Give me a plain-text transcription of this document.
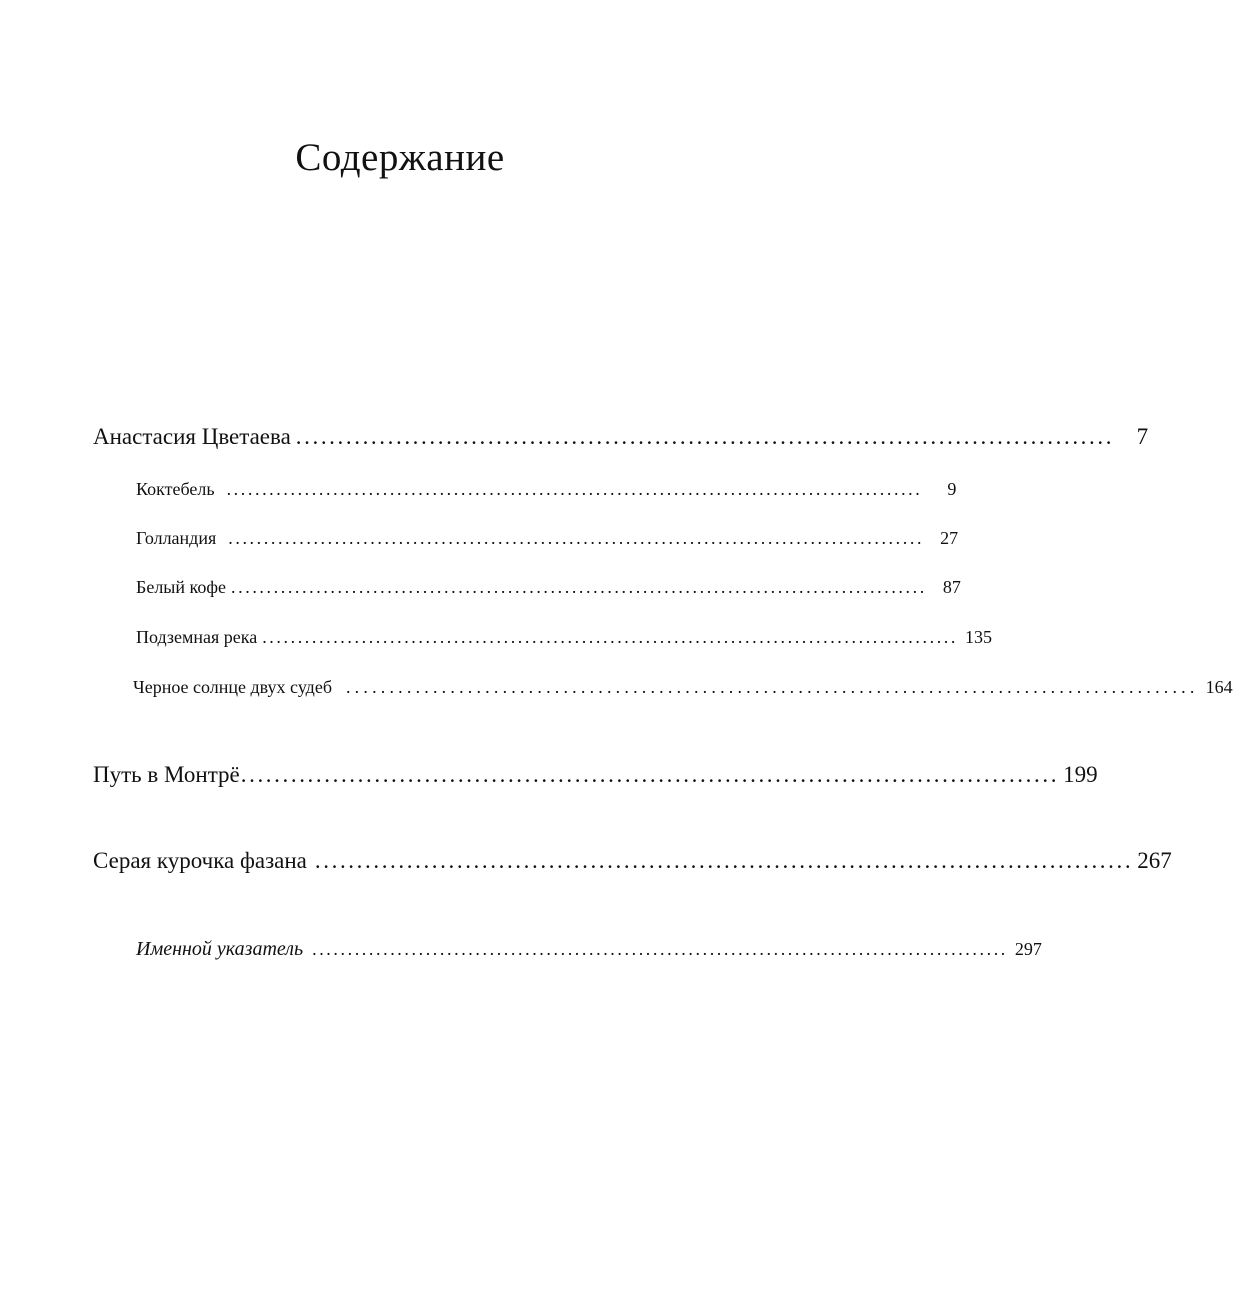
Содержание
Анастасия Цветаева .................................................................................................. 7
Коктебель ..................................................................................................	9
Голландия .................................................................................................. 27
Белый кофе .................................................................................................. 87
Подземная река .................................................................................................. 135
Черное солнце двух судеб .................................................................................................. 164
Путь в Монтрё .................................................................................................. 199
Серая курочка фазана .................................................................................................. 267
Именной указатель .................................................................................................. 297
